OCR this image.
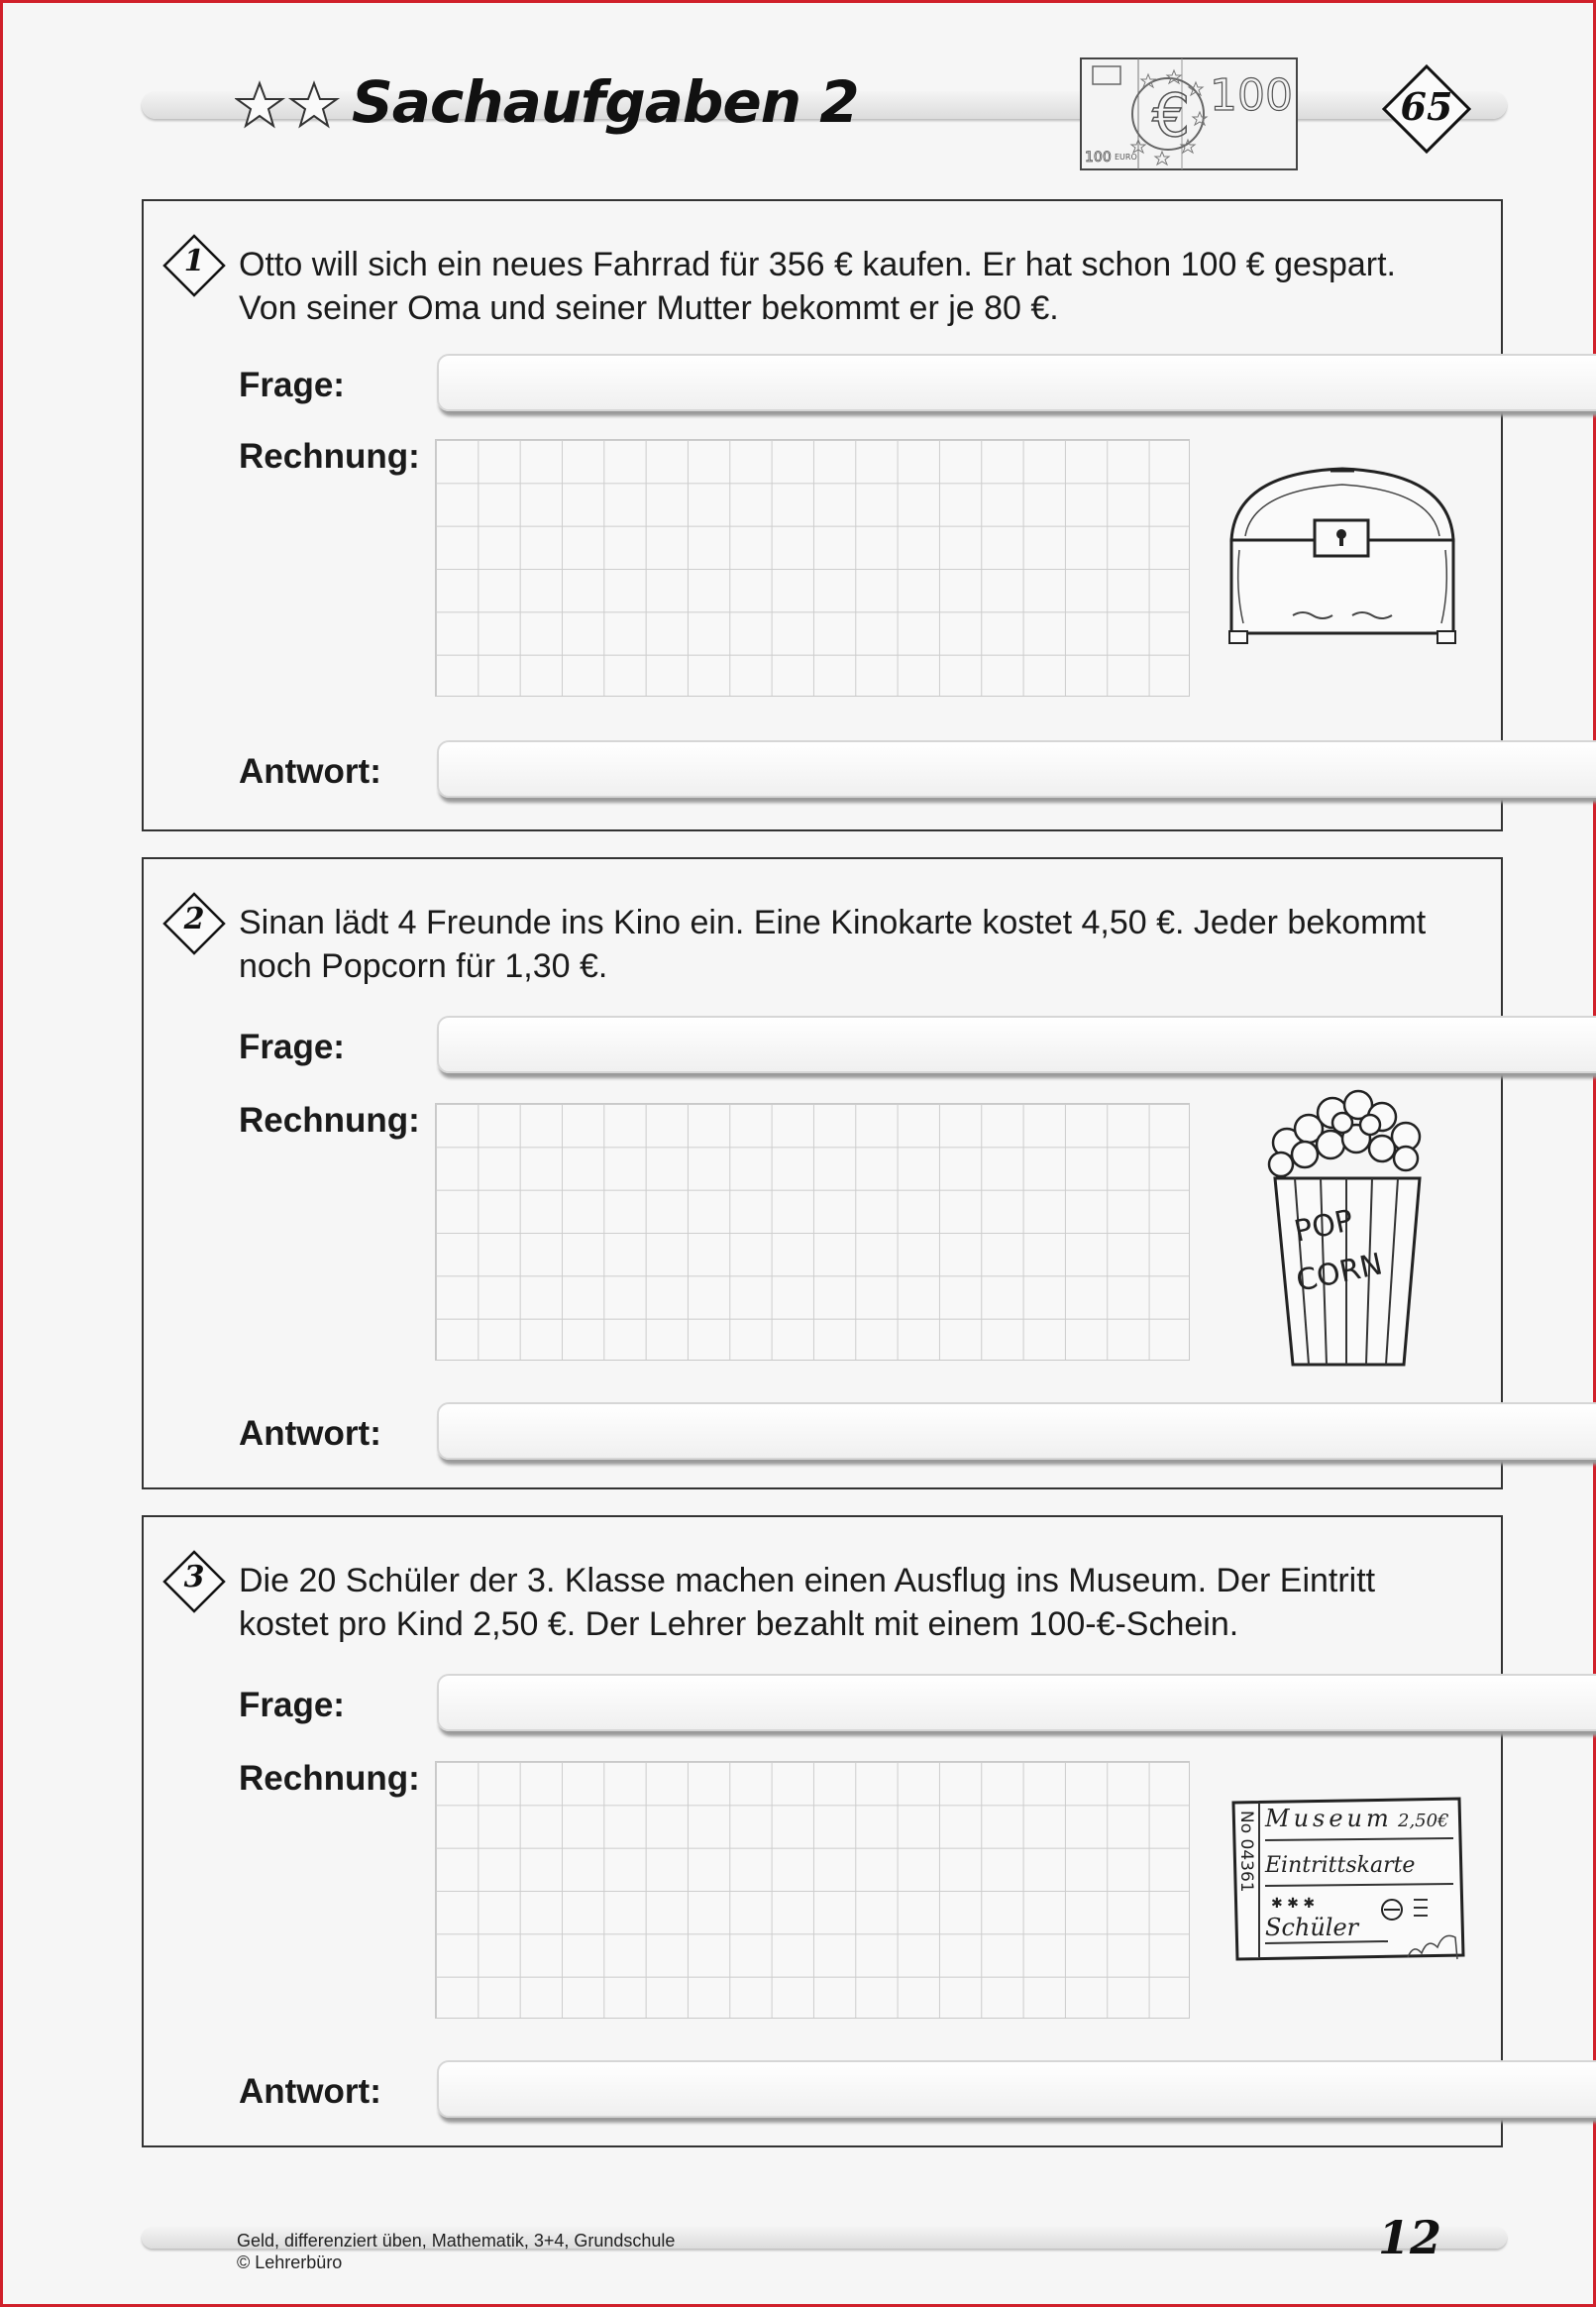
Sachaufgaben 2	€ 100
100 EURO
65
1	Otto will sich ein neues Fahrrad für 356 € kaufen. Er hat schon 100 € gespart.
Von seiner Oma und seiner Mutter bekommt er je 80 €.
Frage:
Rechnung:
Antwort:
2	Sinan lädt 4 Freunde ins Kino ein. Eine Kinokarte kostet 4,50 €. Jeder bekommt
noch Popcorn für 1,30 €.
Frage:
Rechnung:
POP
CORN
Antwort:
3	Die 20 Schüler der 3. Klasse machen einen Ausflug ins Museum. Der Eintritt
kostet pro Kind 2,50 €. Der Lehrer bezahlt mit einem 100-€-Schein.
Frage:
Rechnung:
No 04361 Museum 2,50€
Eintrittskarte
✱ ✱ ✱
Schüler
Antwort:
Geld, differenziert üben, Mathematik, 3+4, Grundschule
© Lehrerbüro	12
